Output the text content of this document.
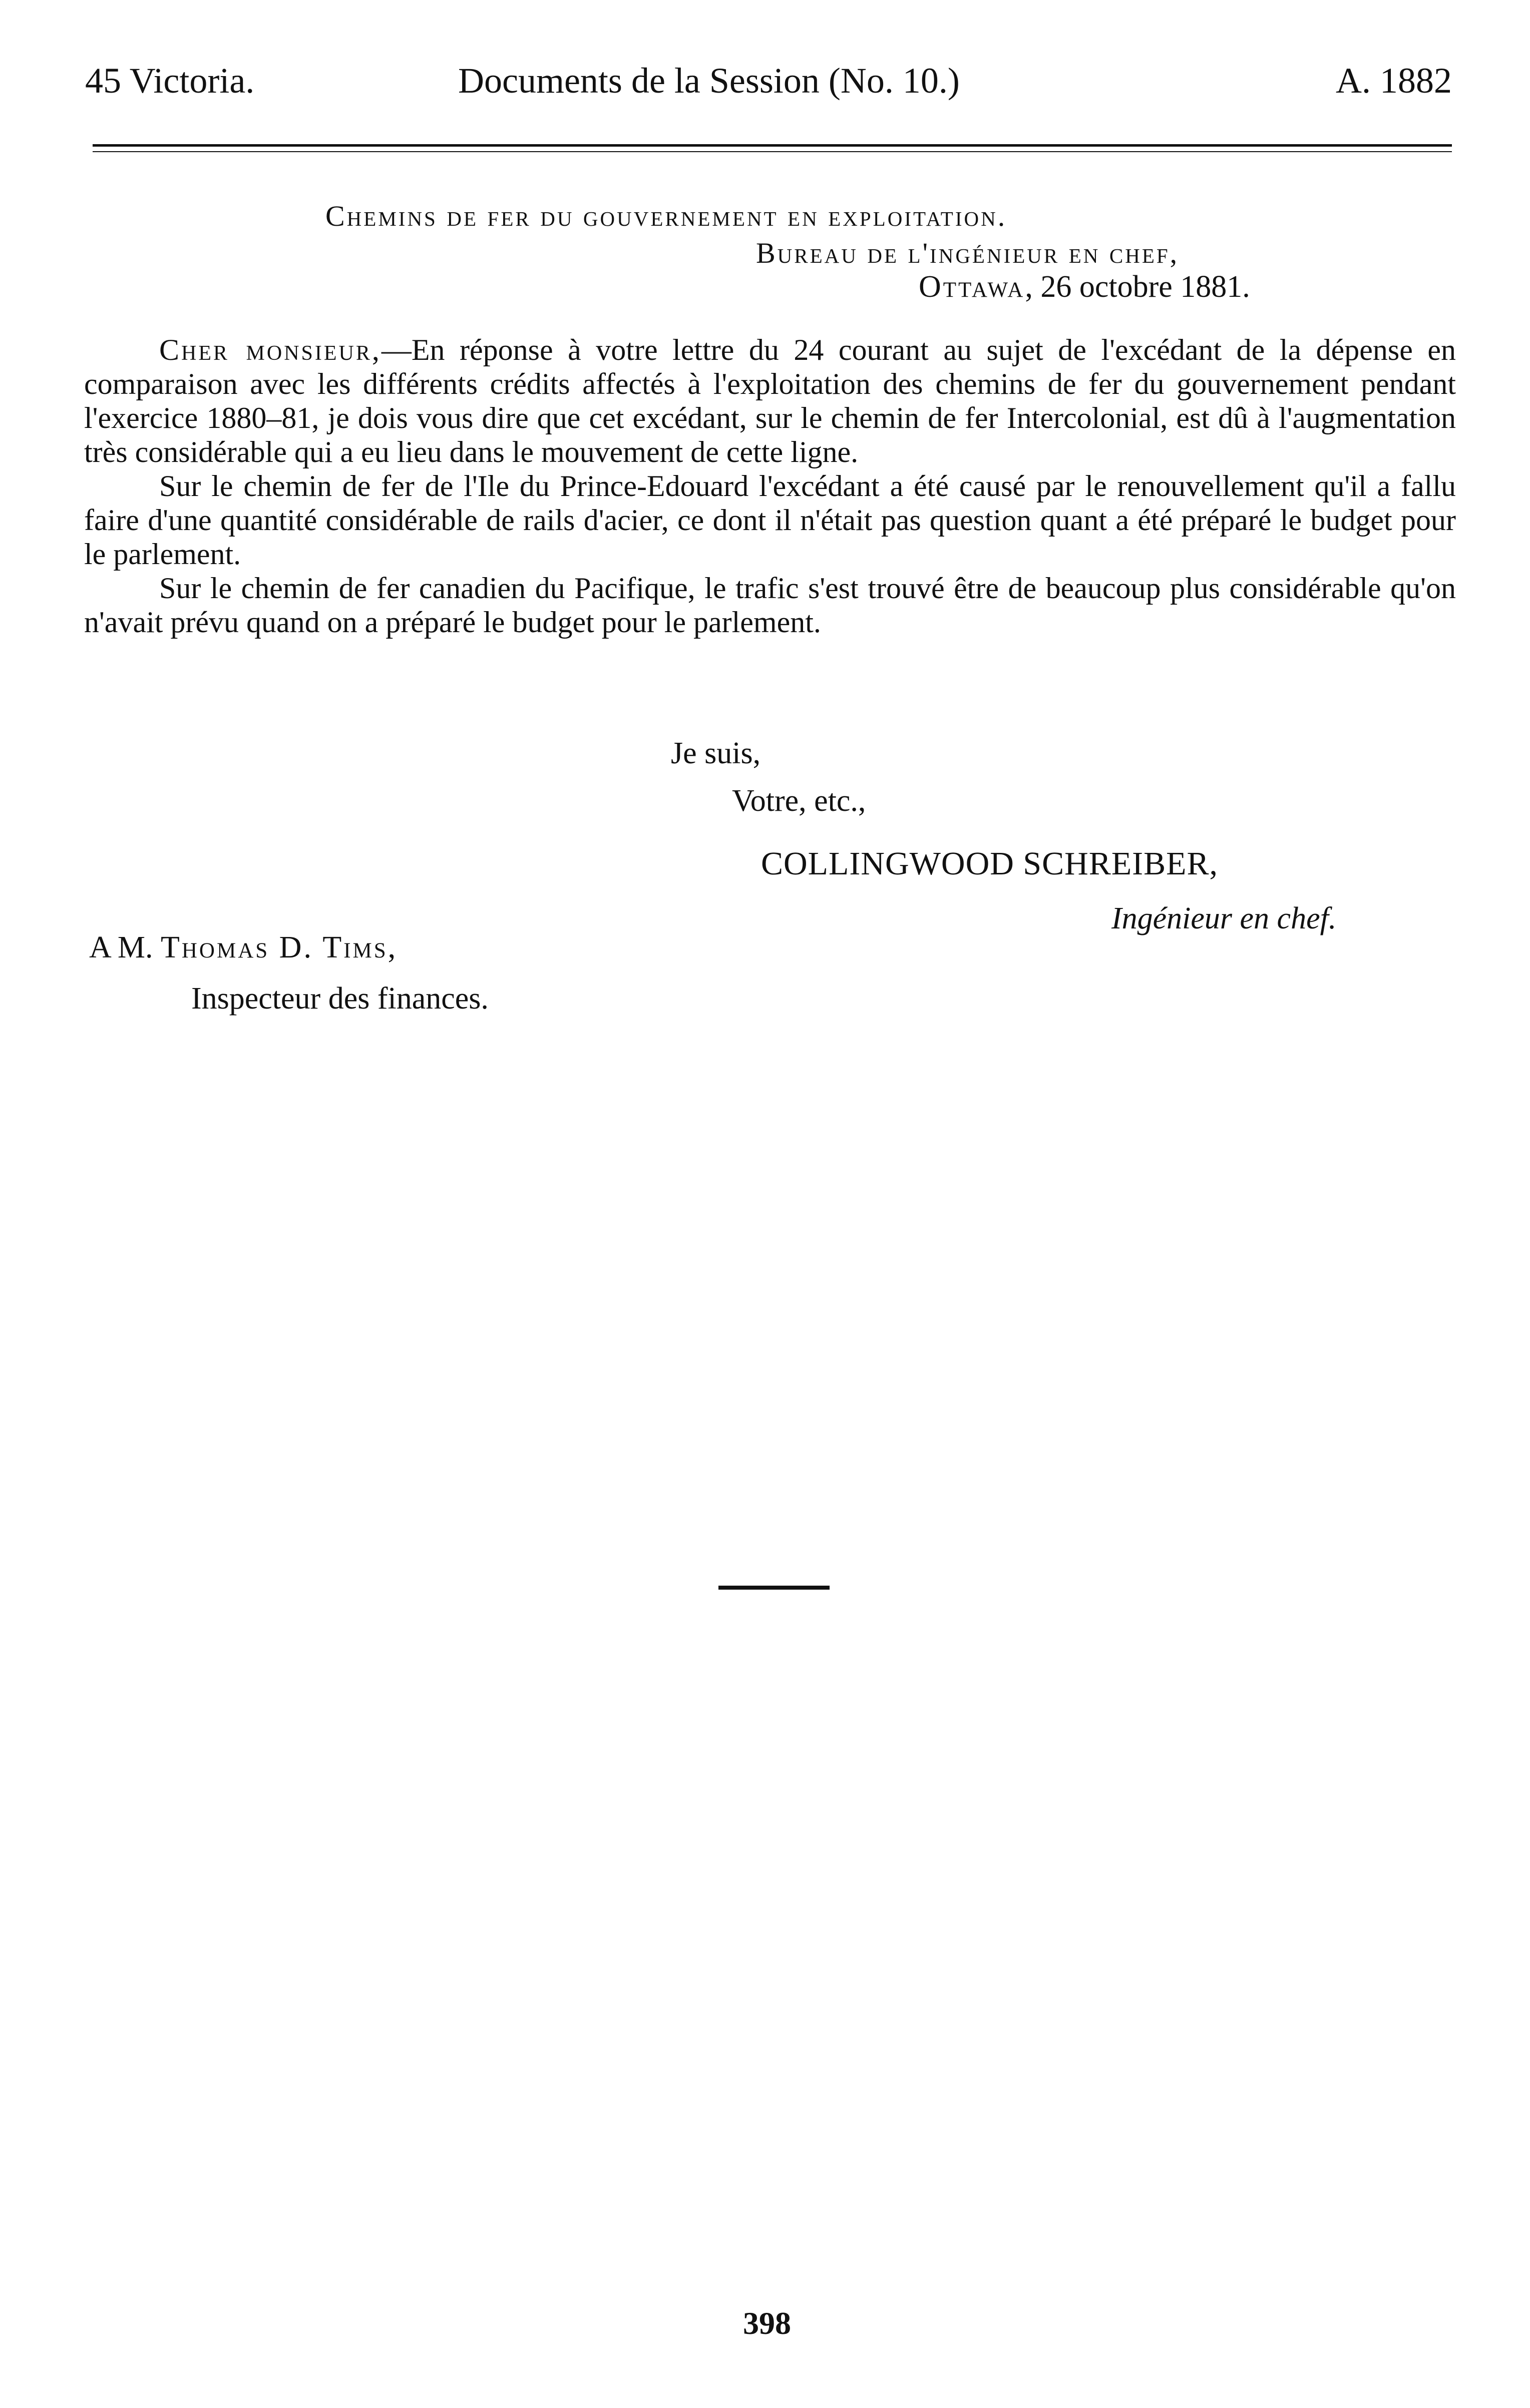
45 Victoria.	Documents de la Session (No. 10.)	A. 1882
Chemins de fer du gouvernement en exploitation.
Bureau de l'ingénieur en chef,
Ottawa, 26 octobre 1881.

Cher monsieur,—En réponse à votre lettre du 24 courant au sujet de l'excédant de la dépense en comparaison avec les différents crédits affectés à l'exploitation des chemins de fer du gouvernement pendant l'exercice 1880–81, je dois vous dire que cet excédant, sur le chemin de fer Intercolonial, est dû à l'augmentation très considérable qui a eu lieu dans le mouvement de cette ligne.

Sur le chemin de fer de l'Ile du Prince-Edouard l'excédant a été causé par le renouvellement qu'il a fallu faire d'une quantité considérable de rails d'acier, ce dont il n'était pas question quant a été préparé le budget pour le parlement.

Sur le chemin de fer canadien du Pacifique, le trafic s'est trouvé être de beaucoup plus considérable qu'on n'avait prévu quand on a préparé le budget pour le parlement.

Je suis,
Votre, etc.,
COLLINGWOOD SCHREIBER,
Ingénieur en chef.
A M. Thomas D. Tims,
Inspecteur des finances.
398
